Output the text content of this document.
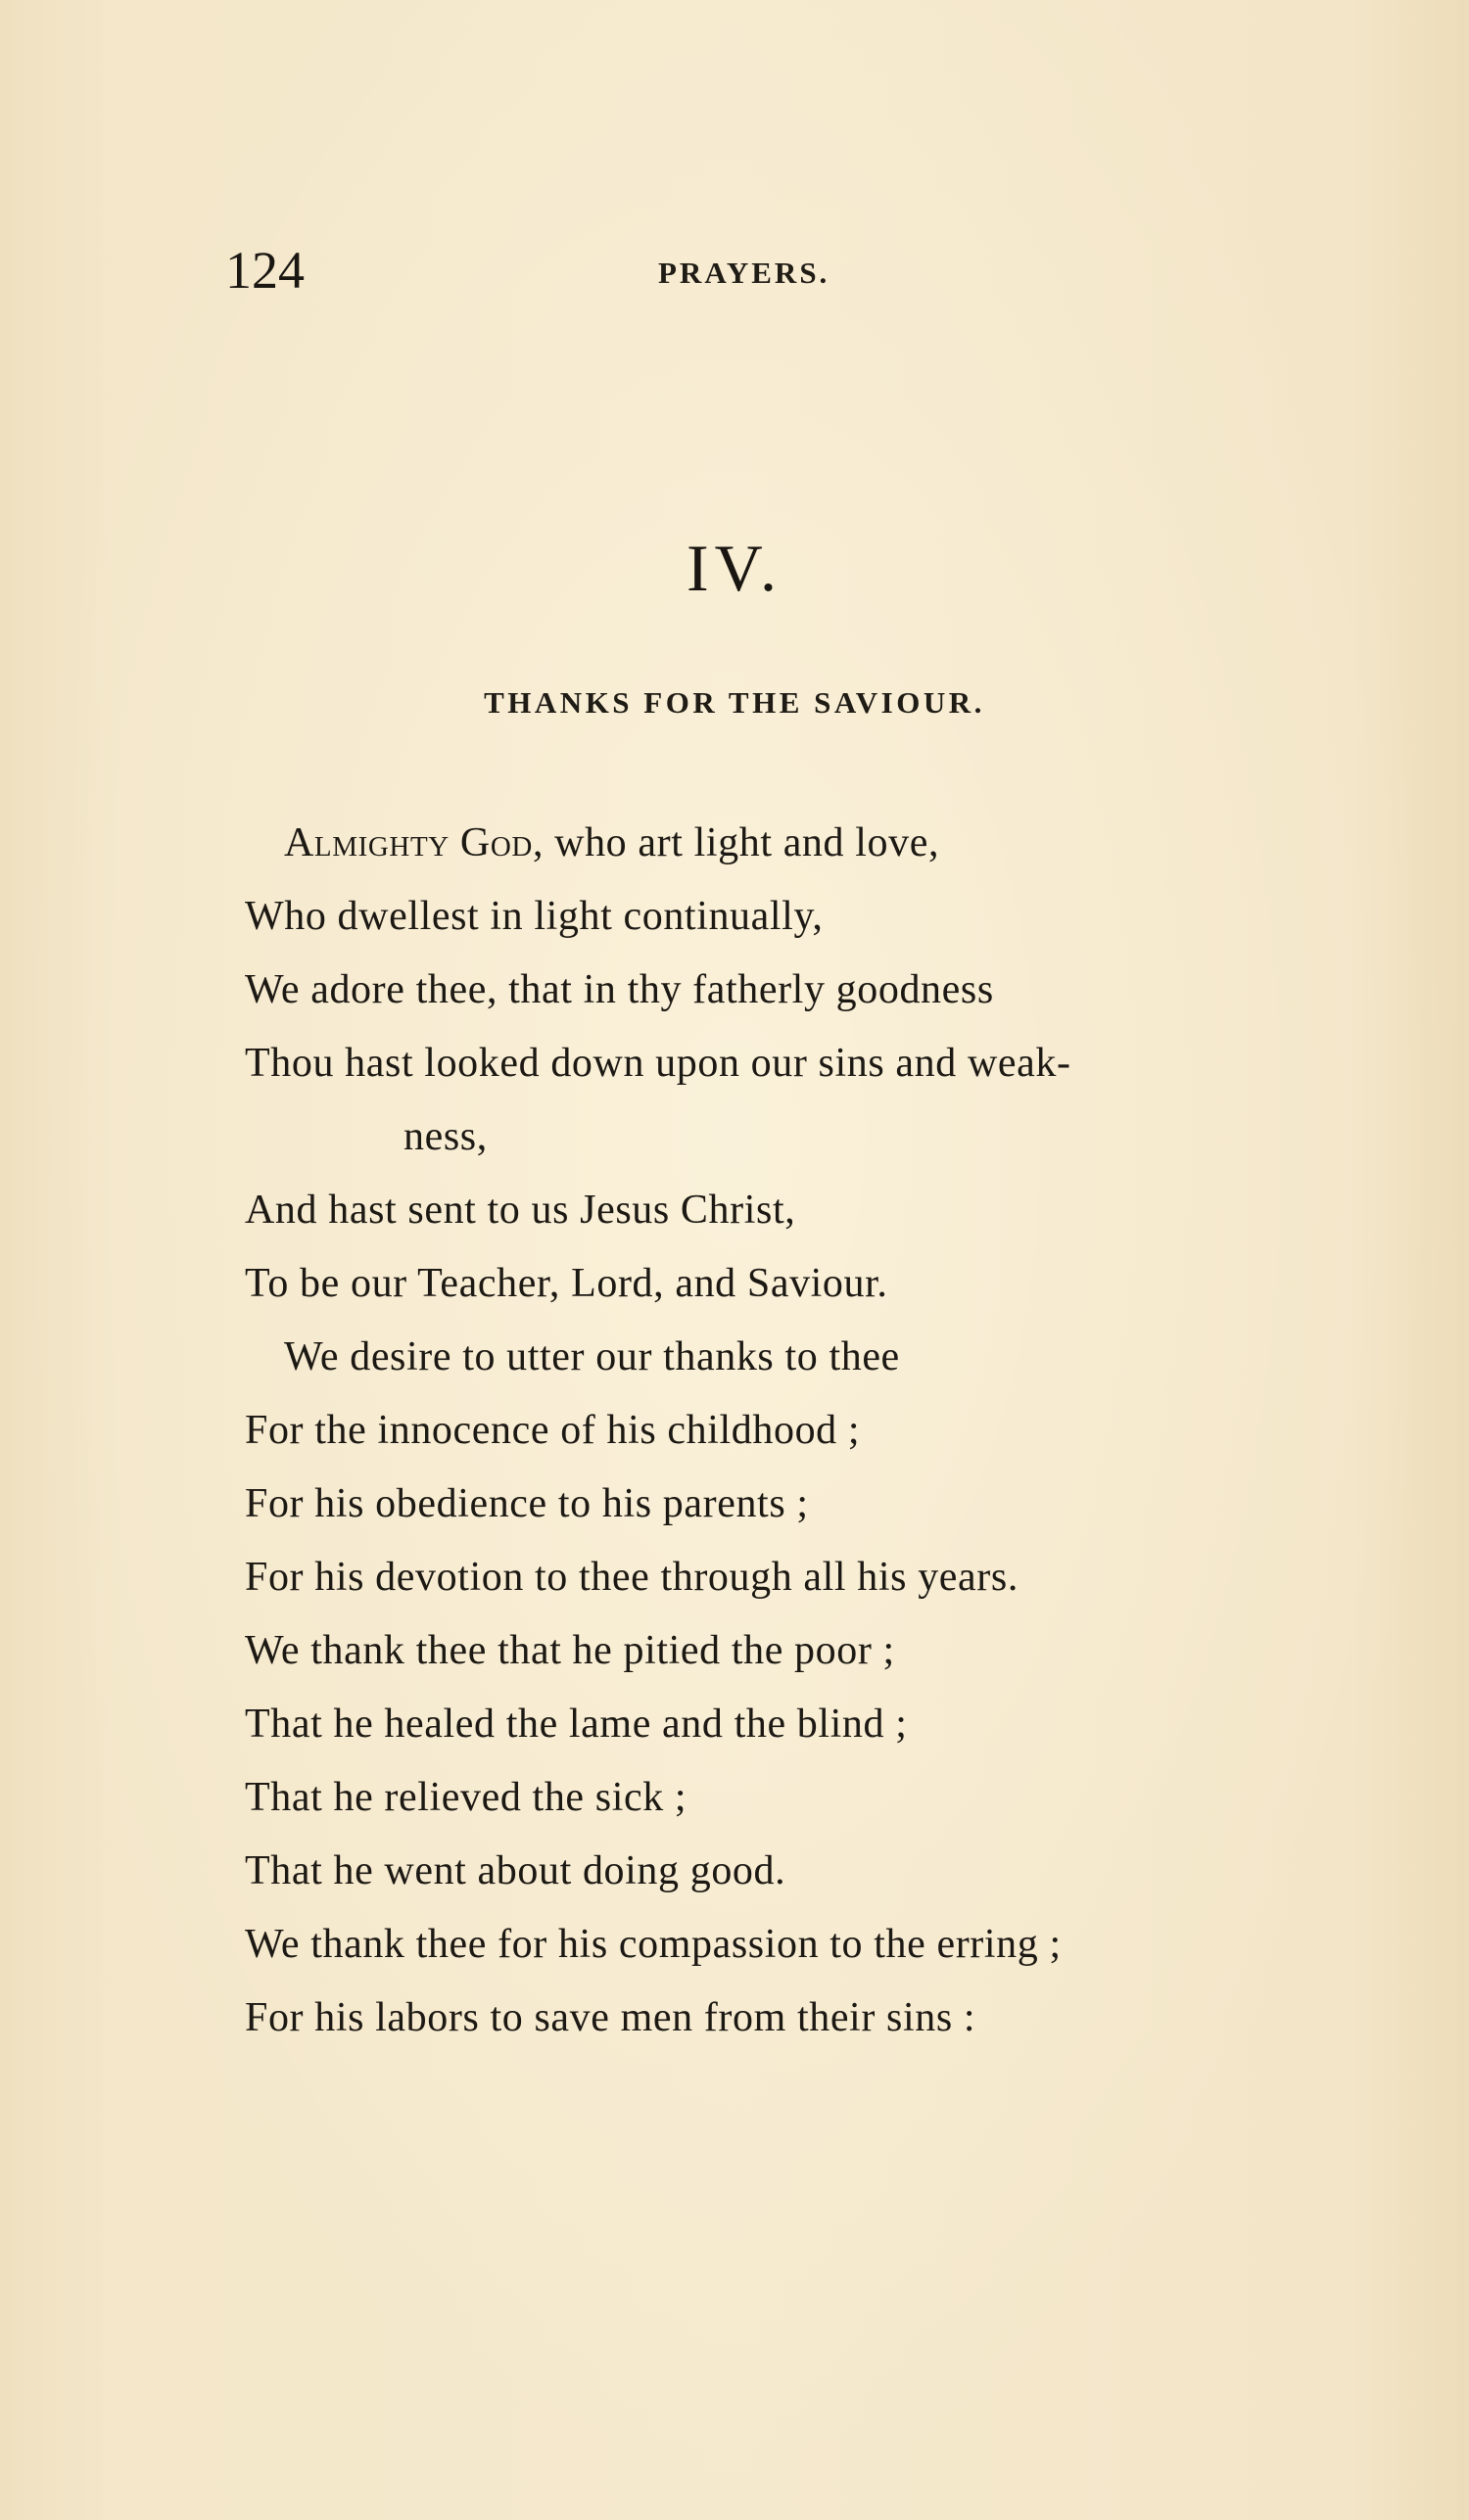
124	PRAYERS.
IV.
THANKS FOR THE SAVIOUR.
Almighty God, who art light and love,
Who dwellest in light continually,
We adore thee, that in thy fatherly goodness
Thou hast looked down upon our sins and weak-
ness,
And hast sent to us Jesus Christ,
To be our Teacher, Lord, and Saviour.
We desire to utter our thanks to thee
For the innocence of his childhood ;
For his obedience to his parents ;
For his devotion to thee through all his years.
We thank thee that he pitied the poor ;
That he healed the lame and the blind ;
That he relieved the sick ;
That he went about doing good.
We thank thee for his compassion to the erring ;
For his labors to save men from their sins :
